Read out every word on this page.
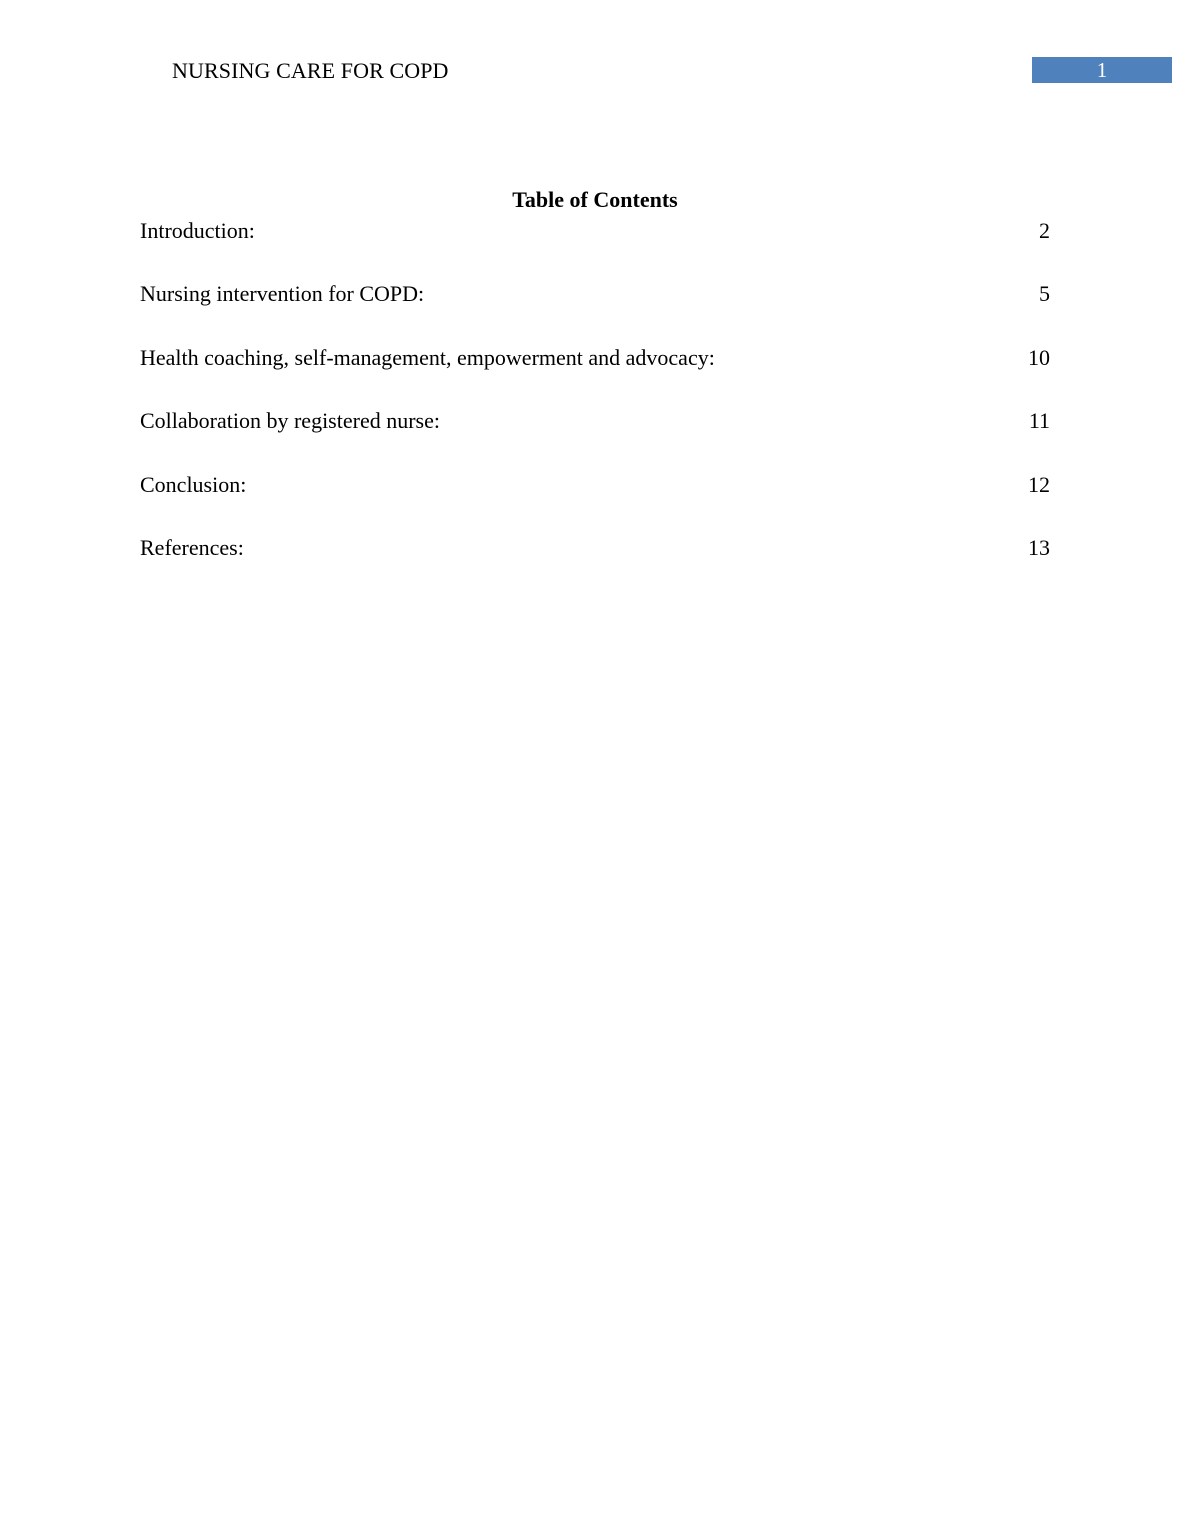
NURSING CARE FOR COPD	1
Table of Contents
Introduction:	2
Nursing intervention for COPD:	5
Health coaching, self-management, empowerment and advocacy:	10
Collaboration by registered nurse:	11
Conclusion:	12
References:	13
